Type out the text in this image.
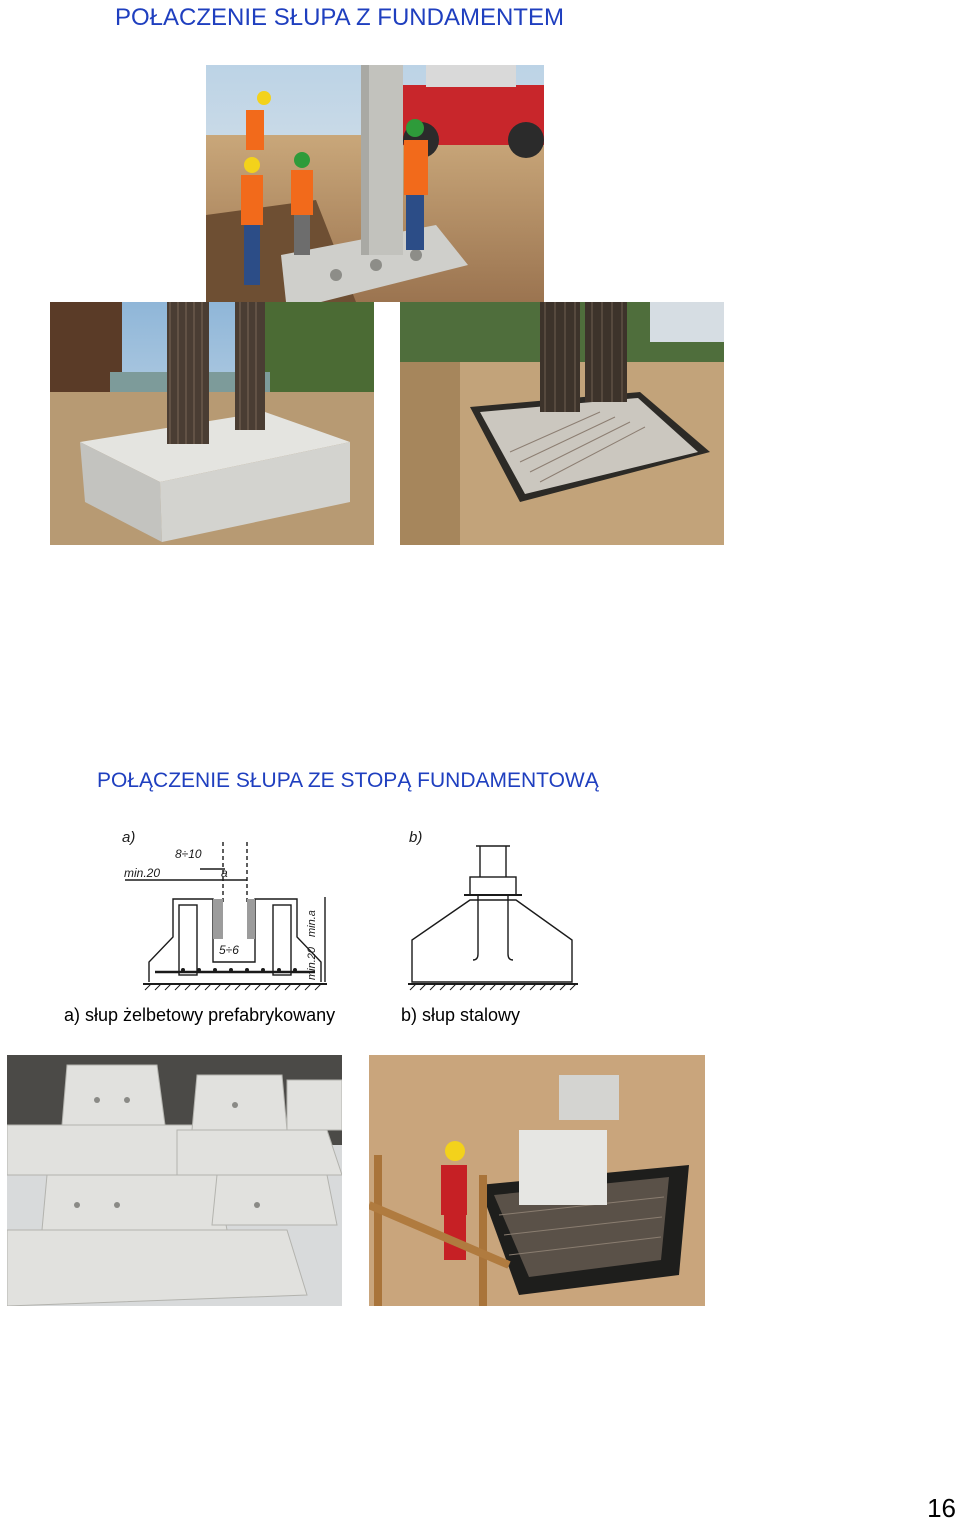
POŁACZENIE SŁUPA Z FUNDAMENTEM
POŁĄCZENIE SŁUPA ZE STOPĄ FUNDAMENTOWĄ
a)
8÷10
min.20	a
5÷6
min.a
min.20
b)
a) słup żelbetowy prefabrykowany	b) słup stalowy
16
